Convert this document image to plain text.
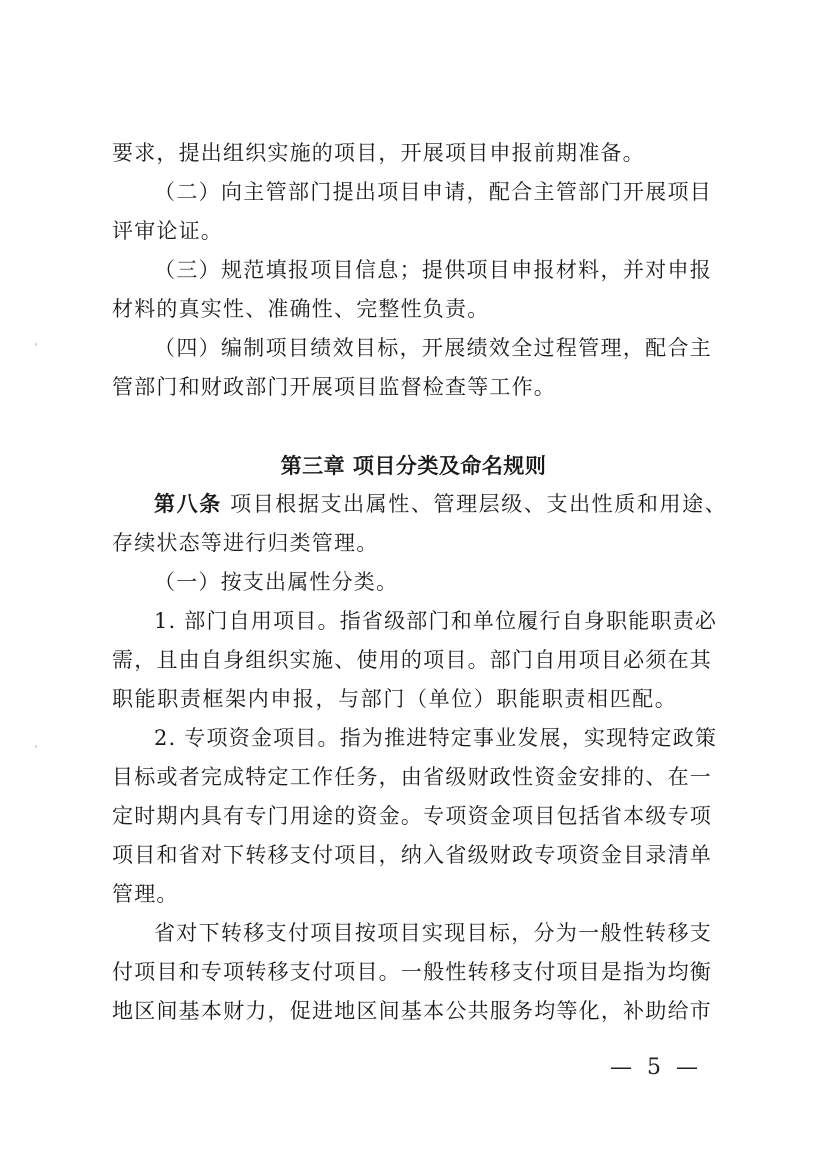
要求，提出组织实施的项目，开展项目申报前期准备。
（二）向主管部门提出项目申请，配合主管部门开展项目
评审论证。
（三）规范填报项目信息；提供项目申报材料，并对申报
材料的真实性、准确性、完整性负责。
（四）编制项目绩效目标，开展绩效全过程管理，配合主
管部门和财政部门开展项目监督检查等工作。
第三章 项目分类及命名规则
第八条 项目根据支出属性、管理层级、支出性质和用途、
存续状态等进行归类管理。
（一）按支出属性分类。
1. 部门自用项目。指省级部门和单位履行自身职能职责必
需，且由自身组织实施、使用的项目。部门自用项目必须在其
职能职责框架内申报，与部门（单位）职能职责相匹配。
2. 专项资金项目。指为推进特定事业发展，实现特定政策
目标或者完成特定工作任务，由省级财政性资金安排的、在一
定时期内具有专门用途的资金。专项资金项目包括省本级专项
项目和省对下转移支付项目，纳入省级财政专项资金目录清单
管理。
省对下转移支付项目按项目实现目标，分为一般性转移支
付项目和专项转移支付项目。一般性转移支付项目是指为均衡
地区间基本财力，促进地区间基本公共服务均等化，补助给市
— 5 —
